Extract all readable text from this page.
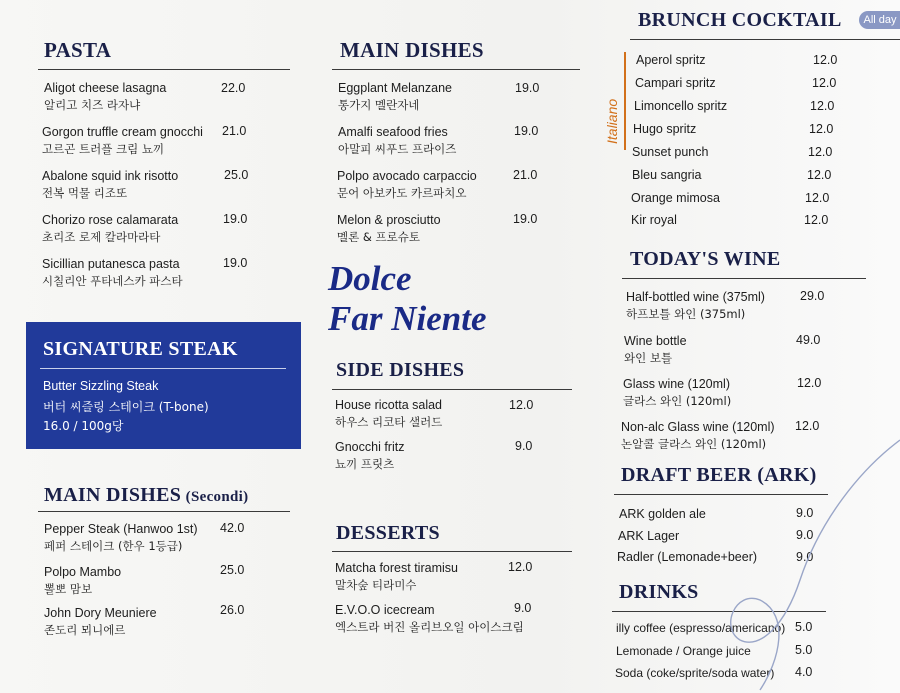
PASTA
Aligot cheese lasagna
알리고 치즈 라자냐
22.0
Gorgon truffle cream gnocchi
고르곤 트러플 크림 뇨끼
21.0
Abalone squid ink risotto
전복 먹물 리조또
25.0
Chorizo rose calamarata
초리조 로제 칼라마라타
19.0
Sicillian putanesca pasta
시칠리안 푸타네스카 파스타
19.0
SIGNATURE STEAK
Butter Sizzling Steak
버터 씨즐링 스테이크 (T-bone)
16.0 / 100g당
MAIN DISHES (Secondi)
Pepper Steak (Hanwoo 1st)
페퍼 스테이크 (한우 1등급)
42.0
Polpo Mambo
뽈뽀 맘보
25.0
John Dory Meuniere
존도리 뫼니에르
26.0
MAIN DISHES
Eggplant Melanzane
통가지 멜란자네
19.0
Amalfi seafood fries
아말피 씨푸드 프라이즈
19.0
Polpo avocado carpaccio
문어 아보카도 카르파치오
21.0
Melon & prosciutto
멜론 & 프로슈토
19.0
Dolce
Far Niente
SIDE DISHES
House ricotta salad
하우스 리코타 샐러드
12.0
Gnocchi fritz
뇨끼 프릿츠
9.0
DESSERTS
Matcha forest tiramisu
말차숲 티라미수
12.0
E.V.O.O icecream
엑스트라 버진 올리브오일 아이스크림
9.0
BRUNCH COCKTAIL	All day
Italiano
Aperol spritz	12.0
Campari spritz	12.0
Limoncello spritz	12.0
Hugo spritz	12.0
Sunset punch	12.0
Bleu sangria	12.0
Orange mimosa	12.0
Kir royal	12.0
TODAY'S WINE
Half-bottled wine (375ml)
하프보틀 와인 (375ml)
29.0
Wine bottle
와인 보틀
49.0
Glass wine (120ml)
글라스 와인 (120ml)
12.0
Non-alc Glass wine (120ml)
논알콜 글라스 와인 (120ml)
12.0
DRAFT BEER (ARK)
ARK golden ale	9.0
ARK Lager	9.0
Radler (Lemonade+beer)	9.0
DRINKS
illy coffee (espresso/americano) 5.0
Lemonade / Orange juice	5.0
Soda (coke/sprite/soda water) 4.0
